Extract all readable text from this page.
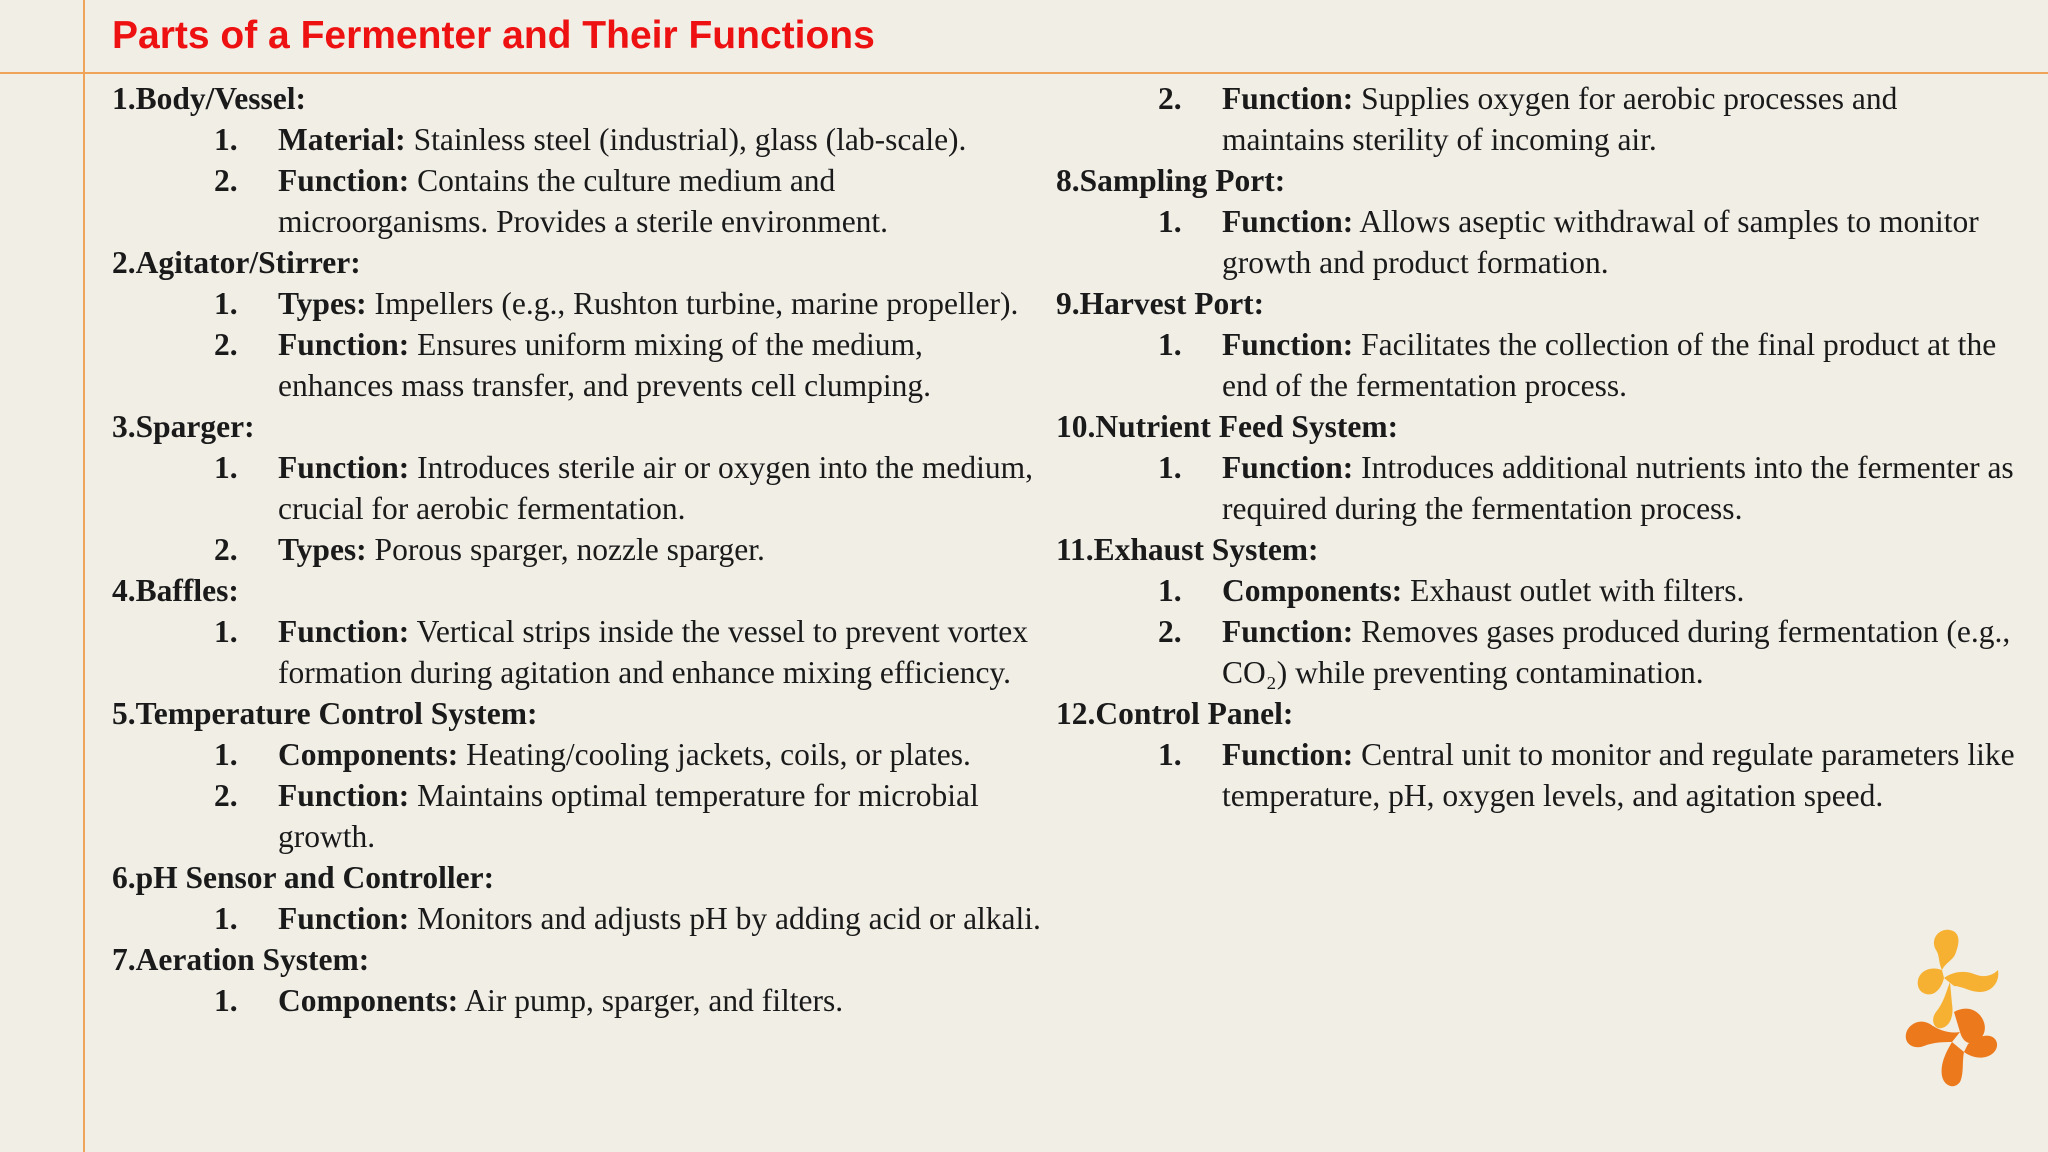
Parts of a Fermenter and Their Functions
1.Body/Vessel:
1.	Material: Stainless steel (industrial), glass (lab-scale).
2.	Function: Contains the culture medium and microorganisms. Provides a sterile environment.
2.Agitator/Stirrer:
1.	Types: Impellers (e.g., Rushton turbine, marine propeller).
2.	Function: Ensures uniform mixing of the medium, enhances mass transfer, and prevents cell clumping.
3.Sparger:
1.	Function: Introduces sterile air or oxygen into the medium, crucial for aerobic fermentation.
2.	Types: Porous sparger, nozzle sparger.
4.Baffles:
1.	Function: Vertical strips inside the vessel to prevent vortex formation during agitation and enhance mixing efficiency.
5.Temperature Control System:
1.	Components: Heating/cooling jackets, coils, or plates.
2.	Function: Maintains optimal temperature for microbial growth.
6.pH Sensor and Controller:
1.	Function: Monitors and adjusts pH by adding acid or alkali.
7.Aeration System:
1.	Components: Air pump, sparger, and filters.
2.	Function: Supplies oxygen for aerobic processes and maintains sterility of incoming air.
8.Sampling Port:
1.	Function: Allows aseptic withdrawal of samples to monitor growth and product formation.
9.Harvest Port:
1.	Function: Facilitates the collection of the final product at the end of the fermentation process.
10.Nutrient Feed System:
1.	Function: Introduces additional nutrients into the fermenter as required during the fermentation process.
11.Exhaust System:
1.	Components: Exhaust outlet with filters.
2.	Function: Removes gases produced during fermentation (e.g., CO₂) while preventing contamination.
12.Control Panel:
1.	Function: Central unit to monitor and regulate parameters like temperature, pH, oxygen levels, and agitation speed.
